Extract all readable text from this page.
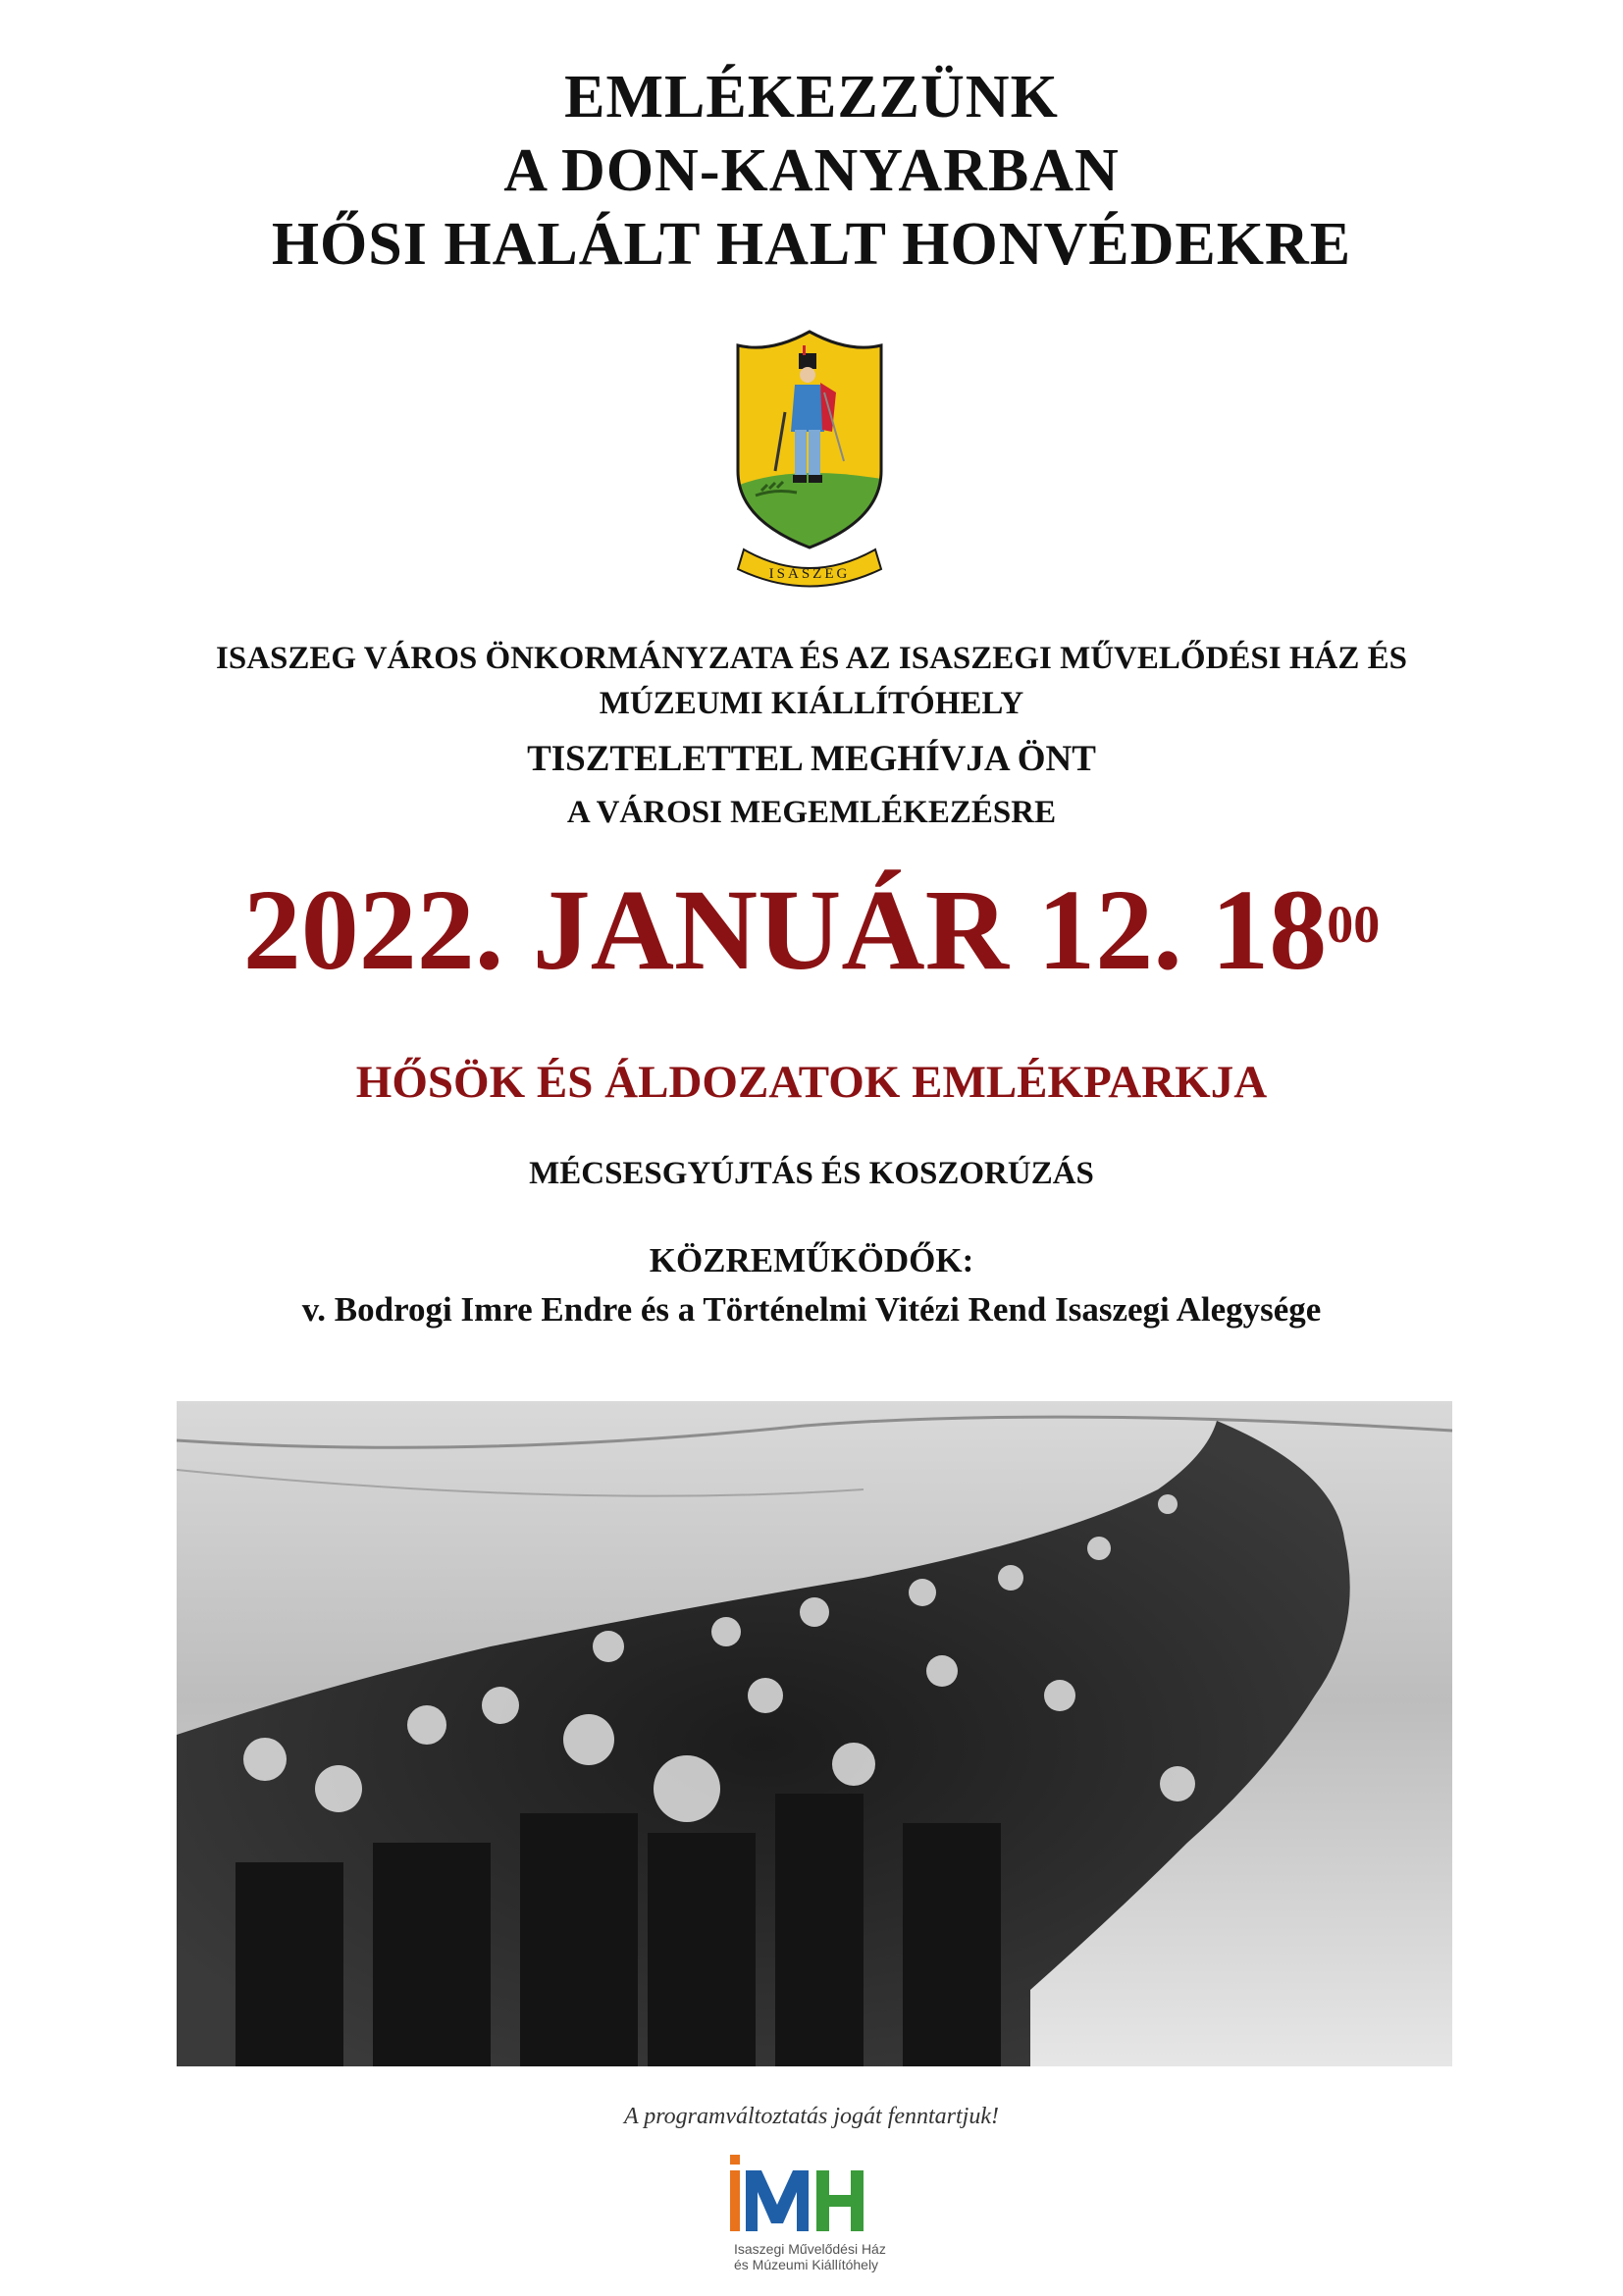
EMLÉKEZZÜNK
A DON-KANYARBAN
HŐSI HALÁLT HALT HONVÉDEKRE
ISASZEG
ISASZEG VÁROS ÖNKORMÁNYZATA ÉS AZ ISASZEGI MŰVELŐDÉSI HÁZ ÉS
MÚZEUMI KIÁLLÍTÓHELY
TISZTELETTEL MEGHÍVJA ÖNT
A VÁROSI MEGEMLÉKEZÉSRE
2022. JANUÁR 12. $18^{00}$
HŐSÖK ÉS ÁLDOZATOK EMLÉKPARKJA
MÉCSESGYÚJTÁS ÉS KOSZORÚZÁS
KÖZREMŰKÖDŐK:
v. Bodrogi Imre Endre és a Történelmi Vitézi Rend Isaszegi Alegysége
A programváltoztatás jogát fenntartjuk!
Isaszegi Művelődési Ház
és Múzeumi Kiállítóhely
